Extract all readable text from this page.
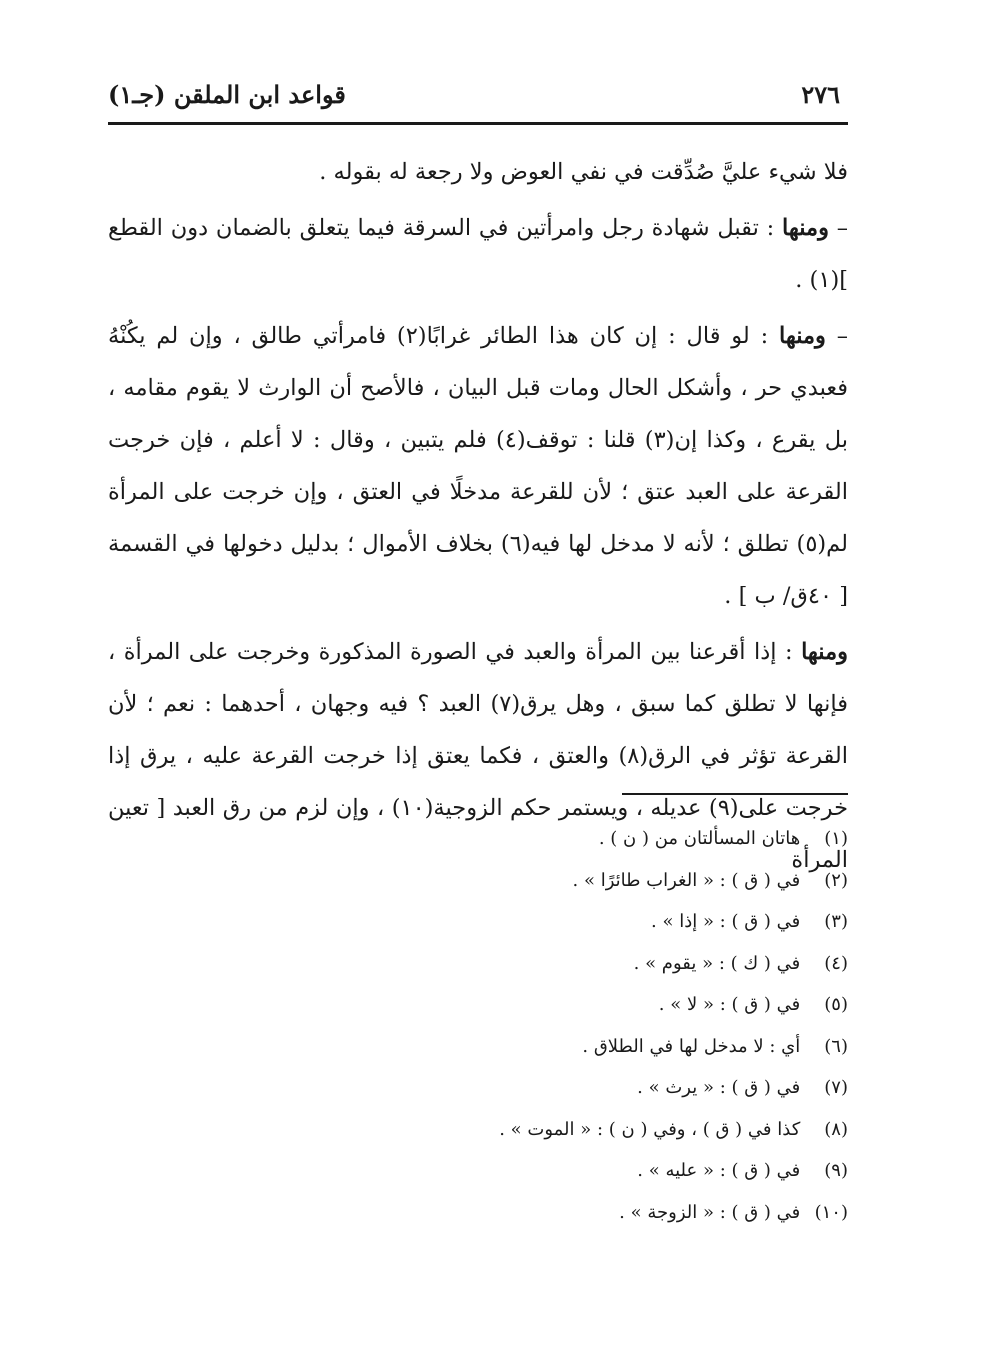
٢٧٦
قواعد ابن الملقن (جـ١)

فلا شيء عليَّ صُدِّقت في نفي العوض ولا رجعة له بقوله .

– ومنها : تقبل شهادة رجل وامرأتين في السرقة فيما يتعلق بالضمان دون القطع ](١) .

– ومنها : لو قال : إن كان هذا الطائر غرابًا(٢) فامرأتي طالق ، وإن لم يكُنْهُ فعبدي حر ، وأشكل الحال ومات قبل البيان ، فالأصح أن الوارث لا يقوم مقامه ، بل يقرع ، وكذا إن(٣) قلنا : توقف(٤) فلم يتبين ، وقال : لا أعلم ، فإن خرجت القرعة على العبد عتق ؛ لأن للقرعة مدخلًا في العتق ، وإن خرجت على المرأة لم(٥) تطلق ؛ لأنه لا مدخل لها فيه(٦) بخلاف الأموال ؛ بدليل دخولها في القسمة [ ٤٠ق/ ب ] .

ومنها : إذا أقرعنا بين المرأة والعبد في الصورة المذكورة وخرجت على المرأة ، فإنها لا تطلق كما سبق ، وهل يرق(٧) العبد ؟ فيه وجهان ، أحدهما : نعم ؛ لأن القرعة تؤثر في الرق(٨) والعتق ، فكما يعتق إذا خرجت القرعة عليه ، يرق إذا خرجت على(٩) عديله ، ويستمر حكم الزوجية(١٠) ، وإن لزم من رق العبد [ تعين المرأة

(١) هاتان المسألتان من ( ن ) .
(٢) في ( ق ) : « الغراب طائرًا » .
(٣) في ( ق ) : « إذا » .
(٤) في ( ك ) : « يقوم » .
(٥) في ( ق ) : « لا » .
(٦) أي : لا مدخل لها في الطلاق .
(٧) في ( ق ) : « يرث » .
(٨) كذا في ( ق ) ، وفي ( ن ) : « الموت » .
(٩) في ( ق ) : « عليه » .
(١٠) في ( ق ) : « الزوجة » .
